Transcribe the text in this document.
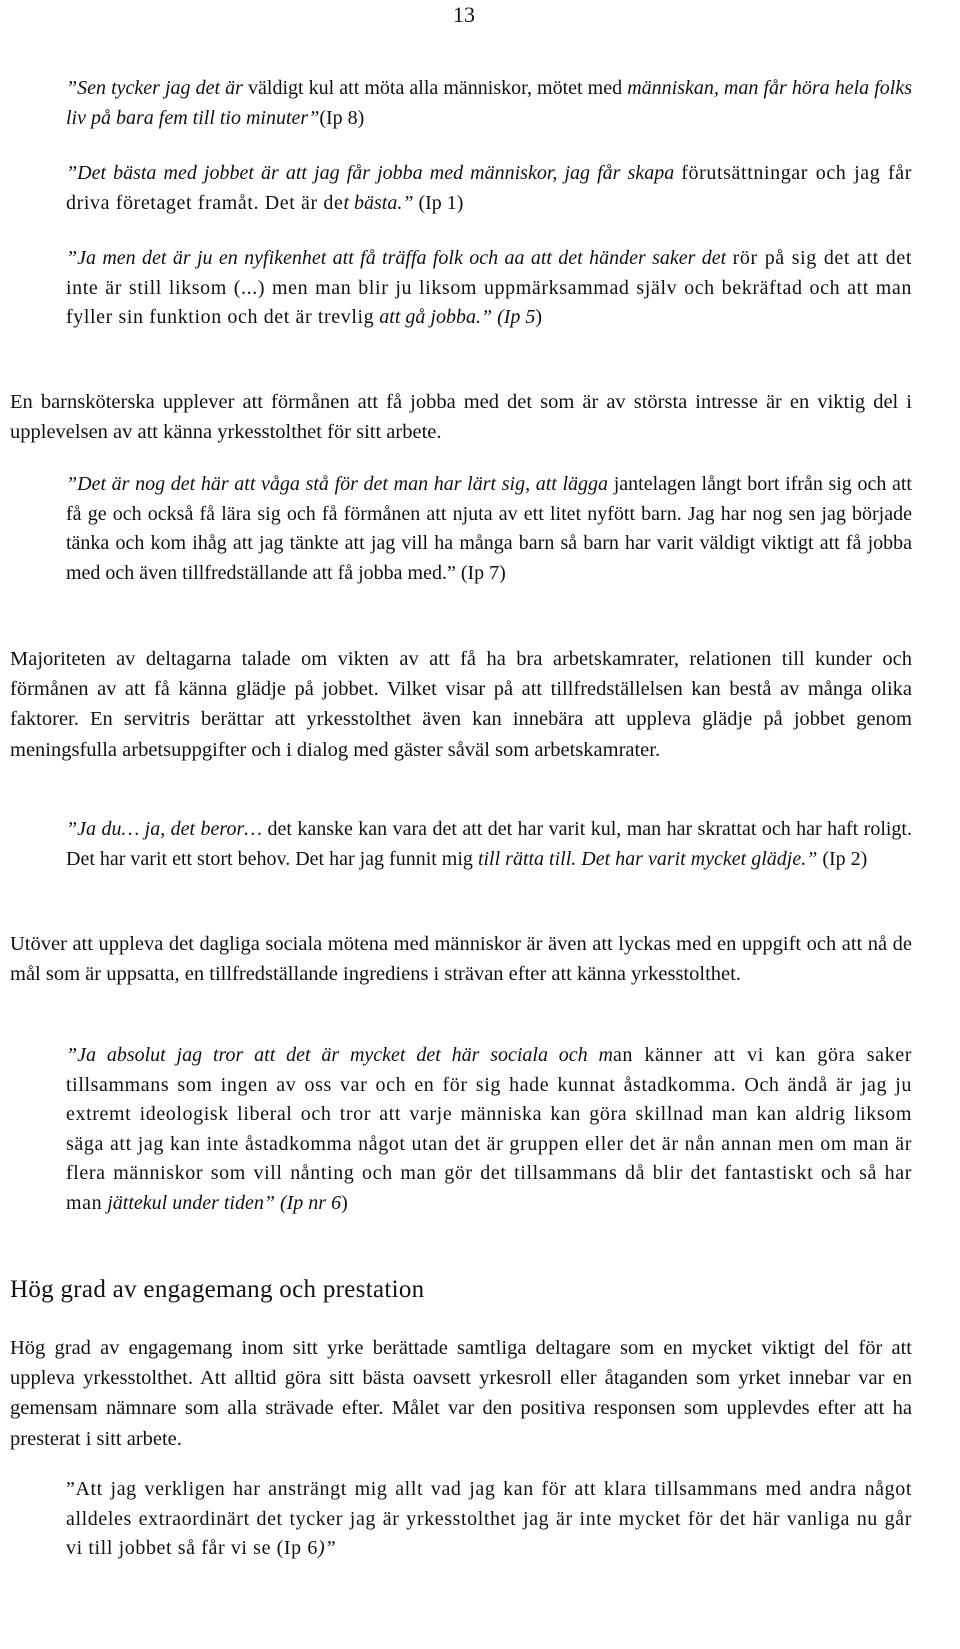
13
”Sen tycker jag det är väldigt kul att möta alla människor, mötet med människan, man får höra hela folks liv på bara fem till tio minuter”(Ip 8)
”Det bästa med jobbet är att jag får jobba med människor, jag får skapa förutsättningar och jag får driva företaget framåt. Det är det bästa.” (Ip 1)
”Ja men det är ju en nyfikenhet att få träffa folk och aa att det händer saker det rör på sig det att det inte är still liksom (...) men man blir ju liksom uppmärksammad själv och bekräftad och att man fyller sin funktion och det är trevlig att gå jobba.” (Ip 5)
En barnsköterska upplever att förmånen att få jobba med det som är av största intresse är en viktig del i upplevelsen av att känna yrkesstolthet för sitt arbete.
”Det är nog det här att våga stå för det man har lärt sig, att lägga jantelagen långt bort ifrån sig och att få ge och också få lära sig och få förmånen att njuta av ett litet nyfött barn. Jag har nog sen jag började tänka och kom ihåg att jag tänkte att jag vill ha många barn så barn har varit väldigt viktigt att få jobba med och även tillfredställande att få jobba med.” (Ip 7)
Majoriteten av deltagarna talade om vikten av att få ha bra arbetskamrater, relationen till kunder och förmånen av att få känna glädje på jobbet. Vilket visar på att tillfredställelsen kan bestå av många olika faktorer. En servitris berättar att yrkesstolthet även kan innebära att uppleva glädje på jobbet genom meningsfulla arbetsuppgifter och i dialog med gäster såväl som arbetskamrater.
”Ja du… ja, det beror… det kanske kan vara det att det har varit kul, man har skrattat och har haft roligt. Det har varit ett stort behov. Det har jag funnit mig till rätta till. Det har varit mycket glädje.” (Ip 2)
Utöver att uppleva det dagliga sociala mötena med människor är även att lyckas med en uppgift och att nå de mål som är uppsatta, en tillfredställande ingrediens i strävan efter att känna yrkesstolthet.
”Ja absolut jag tror att det är mycket det här sociala och man känner att vi kan göra saker tillsammans som ingen av oss var och en för sig hade kunnat åstadkomma. Och ändå är jag ju extremt ideologisk liberal och tror att varje människa kan göra skillnad man kan aldrig liksom säga att jag kan inte åstadkomma något utan det är gruppen eller det är nån annan men om man är flera människor som vill nånting och man gör det tillsammans då blir det fantastiskt och så har man jättekul under tiden” (Ip nr 6)
Hög grad av engagemang och prestation
Hög grad av engagemang inom sitt yrke berättade samtliga deltagare som en mycket viktigt del för att uppleva yrkesstolthet. Att alltid göra sitt bästa oavsett yrkesroll eller åtaganden som yrket innebar var en gemensam nämnare som alla strävade efter. Målet var den positiva responsen som upplevdes efter att ha presterat i sitt arbete.
”Att jag verkligen har ansträngt mig allt vad jag kan för att klara tillsammans med andra något alldeles extraordinärt det tycker jag är yrkesstolthet jag är inte mycket för det här vanliga nu går vi till jobbet så får vi se (Ip 6)”
